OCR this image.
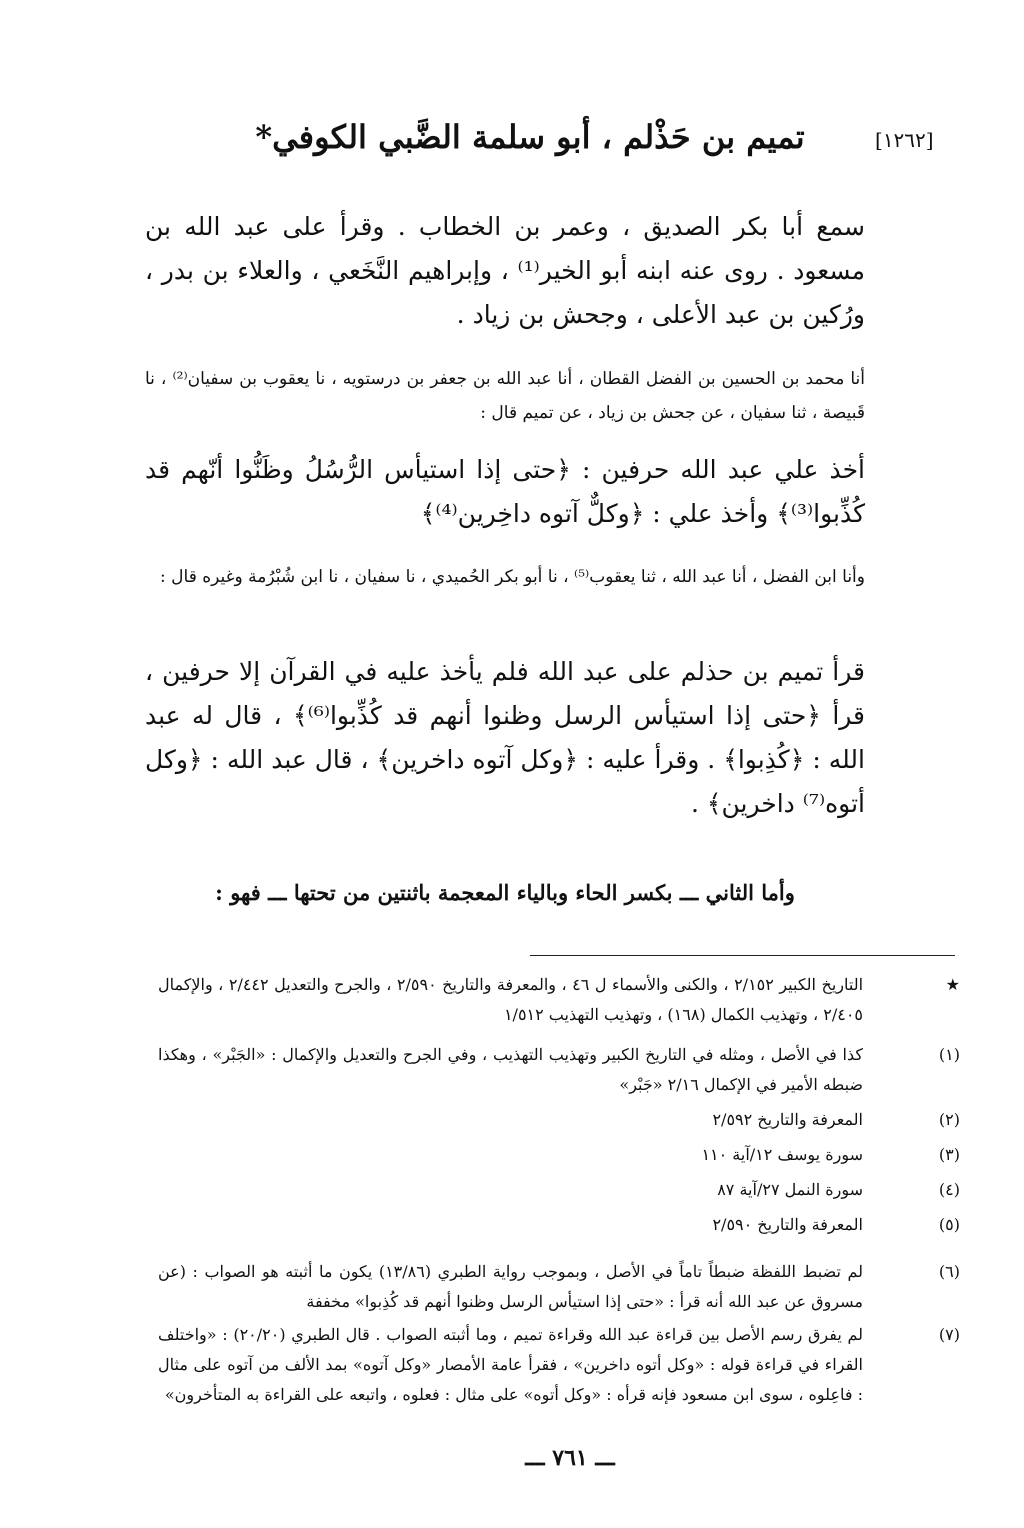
[١٢٦٢]
تميم بن حَذْلم ، أبو سلمة الضَّبي الكوفي*
سمع أبا بكر الصديق ، وعمر بن الخطاب . وقرأ على عبد الله بن مسعود . روى عنه ابنه أبو الخير⁽¹⁾ ، وإبراهيم النَّخَعي ، والعلاء بن بدر ، ورُكين بن عبد الأعلى ، وجحش بن زياد .
أنا محمد بن الحسين بن الفضل القطان ، أنا عبد الله بن جعفر بن درستويه ، نا يعقوب بن سفيان⁽²⁾ ، نا قَبيصة ، ثنا سفيان ، عن جحش بن زياد ، عن تميم قال :
أخذ علي عبد الله حرفين : ﴿حتى إذا استيأس الرُّسُلُ وظَنُّوا أنّهم قد كُذِّبوا⁽³⁾﴾ وأخذ علي : ﴿وكلٌّ آتوه داخِرين⁽⁴⁾﴾
وأنا ابن الفضل ، أنا عبد الله ، ثنا يعقوب⁽⁵⁾ ، نا أبو بكر الحُميدي ، نا سفيان ، نا ابن شُبْرُمة وغيره قال :
قرأ تميم بن حذلم على عبد الله فلم يأخذ عليه في القرآن إلا حرفين ، قرأ ﴿حتى إذا استيأس الرسل وظنوا أنهم قد كُذِّبوا⁽⁶⁾﴾ ، قال له عبد الله : ﴿كُذِبوا﴾ . وقرأ عليه : ﴿وكل آتوه داخرين﴾ ، قال عبد الله : ﴿وكل أتوه⁽⁷⁾ داخرين﴾ .
وأما الثاني ـــ بكسر الحاء وبالياء المعجمة باثنتين من تحتها ـــ فهو :
★
التاريخ الكبير ٢/١٥٢ ، والكنى والأسماء ل ٤٦ ، والمعرفة والتاريخ ٢/٥٩٠ ، والجرح والتعديل ٢/٤٤٢ ، والإكمال ٢/٤٠٥ ، وتهذيب الكمال (١٦٨) ، وتهذيب التهذيب ١/٥١٢
(١)
كذا في الأصل ، ومثله في التاريخ الكبير وتهذيب التهذيب ، وفي الجرح والتعديل والإكمال : «الجَبْر» ، وهكذا ضبطه الأمير في الإكمال ٢/١٦ «جَبْر»
(٢)
المعرفة والتاريخ ٢/٥٩٢
(٣)
سورة يوسف ١٢/آية ١١٠
(٤)
سورة النمل ٢٧/آية ٨٧
(٥)
المعرفة والتاريخ ٢/٥٩٠
(٦)
لم تضبط اللفظة ضبطاً تاماً في الأصل ، وبموجب رواية الطبري (١٣/٨٦) يكون ما أثبته هو الصواب : (عن مسروق عن عبد الله أنه قرأ : «حتى إذا استيأس الرسل وظنوا أنهم قد كُذِبوا» مخففة
(٧)
لم يفرق رسم الأصل بين قراءة عبد الله وقراءة تميم ، وما أثبته الصواب . قال الطبري (٢٠/٢٠) : «واختلف القراء في قراءة قوله : «وكل أتوه داخرين» ، فقرأ عامة الأمصار «وكل آتوه» بمد الألف من آتوه على مثال : فاعِلوه ، سوى ابن مسعود فإنه قرأه : «وكل أتوه» على مثال : فعلوه ، واتبعه على القراءة به المتأخرون»
ـــ ٧٦١ ـــ
